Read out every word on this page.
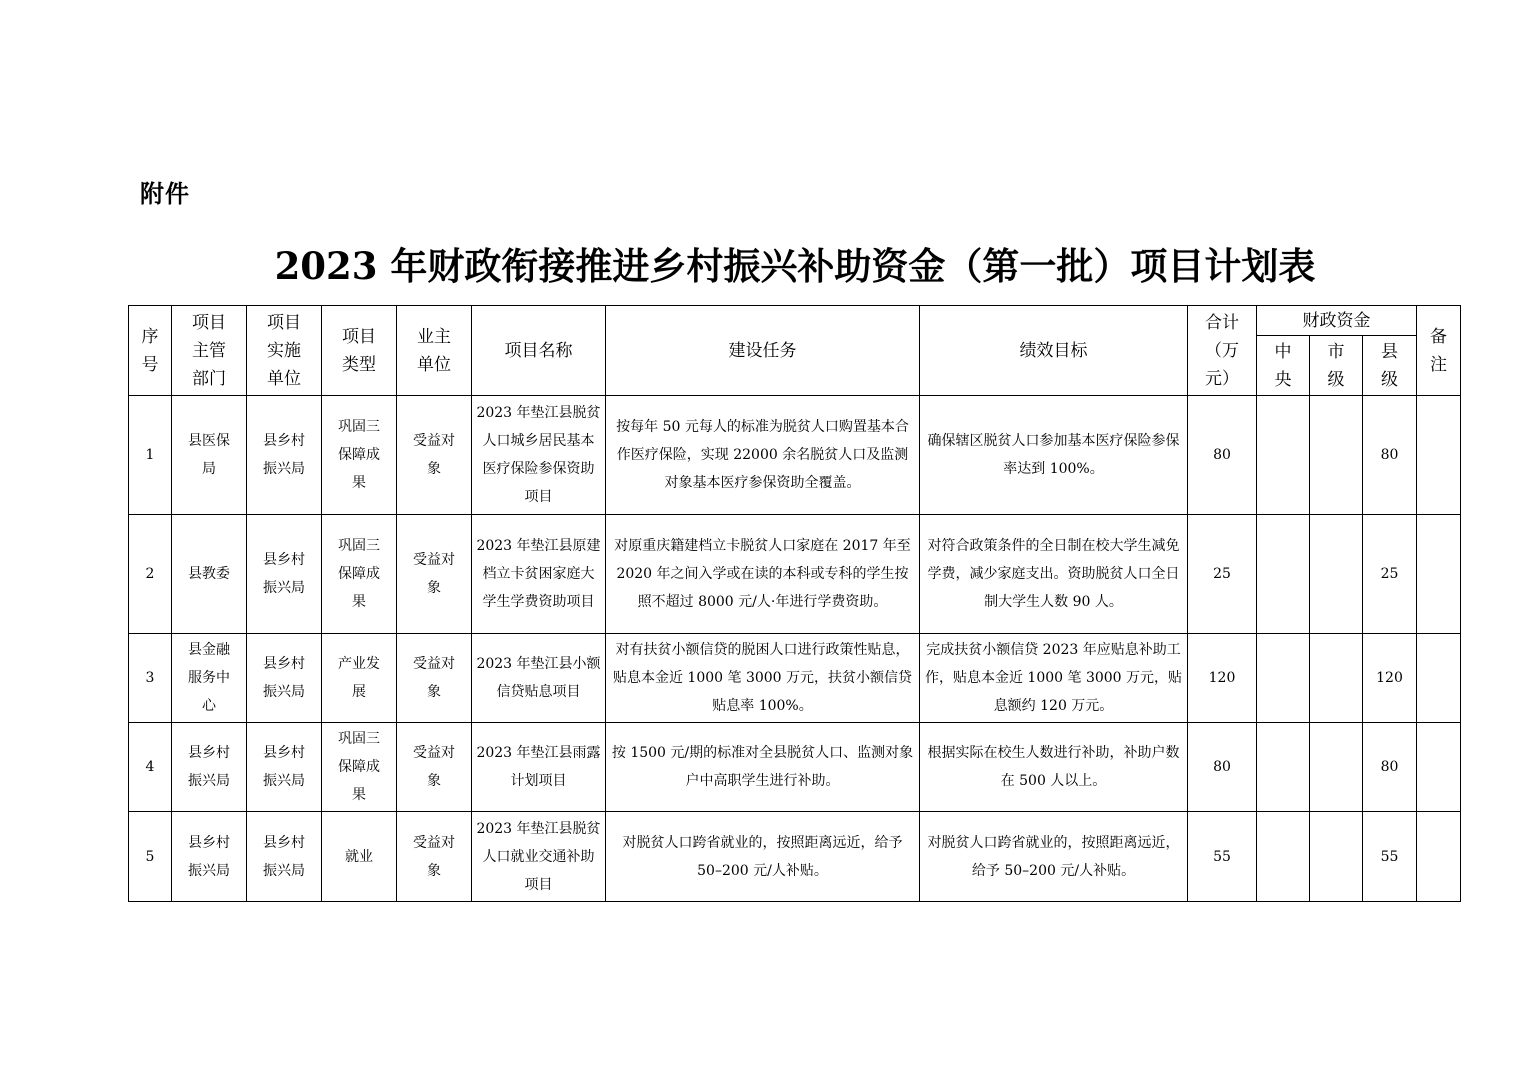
附件
2023 年财政衔接推进乡村振兴补助资金（第一批）项目计划表
序号	项目主管部门	项目实施单位	项目类型	业主单位	项目名称	建设任务	绩效目标	合计（万元）	财政资金			备注
									中央	市级	县级	
1	县医保局	县乡村振兴局	巩固三保障成果	受益对象	2023 年垫江县脱贫人口城乡居民基本医疗保险参保资助项目	按每年 50 元每人的标准为脱贫人口购置基本合作医疗保险，实现 22000 余名脱贫人口及监测对象基本医疗参保资助全覆盖。	确保辖区脱贫人口参加基本医疗保险参保率达到 100%。	80			80	
2	县教委	县乡村振兴局	巩固三保障成果	受益对象	2023 年垫江县原建档立卡贫困家庭大学生学费资助项目	对原重庆籍建档立卡脱贫人口家庭在 2017 年至 2020 年之间入学或在读的本科或专科的学生按照不超过 8000 元/人·年进行学费资助。	对符合政策条件的全日制在校大学生减免学费，减少家庭支出。资助脱贫人口全日制大学生人数 90 人。	25			25	
3	县金融服务中心	县乡村振兴局	产业发展	受益对象	2023 年垫江县小额信贷贴息项目	对有扶贫小额信贷的脱困人口进行政策性贴息，贴息本金近 1000 笔 3000 万元，扶贫小额信贷贴息率 100%。	完成扶贫小额信贷 2023 年应贴息补助工作，贴息本金近 1000 笔 3000 万元，贴息额约 120 万元。	120			120	
4	县乡村振兴局	县乡村振兴局	巩固三保障成果	受益对象	2023 年垫江县雨露计划项目	按 1500 元/期的标准对全县脱贫人口、监测对象户中高职学生进行补助。	根据实际在校生人数进行补助，补助户数在 500 人以上。	80			80	
5	县乡村振兴局	县乡村振兴局	就业	受益对象	2023 年垫江县脱贫人口就业交通补助项目	对脱贫人口跨省就业的，按照距离远近，给予 50–200 元/人补贴。	对脱贫人口跨省就业的，按照距离远近，给予 50–200 元/人补贴。	55			55	
